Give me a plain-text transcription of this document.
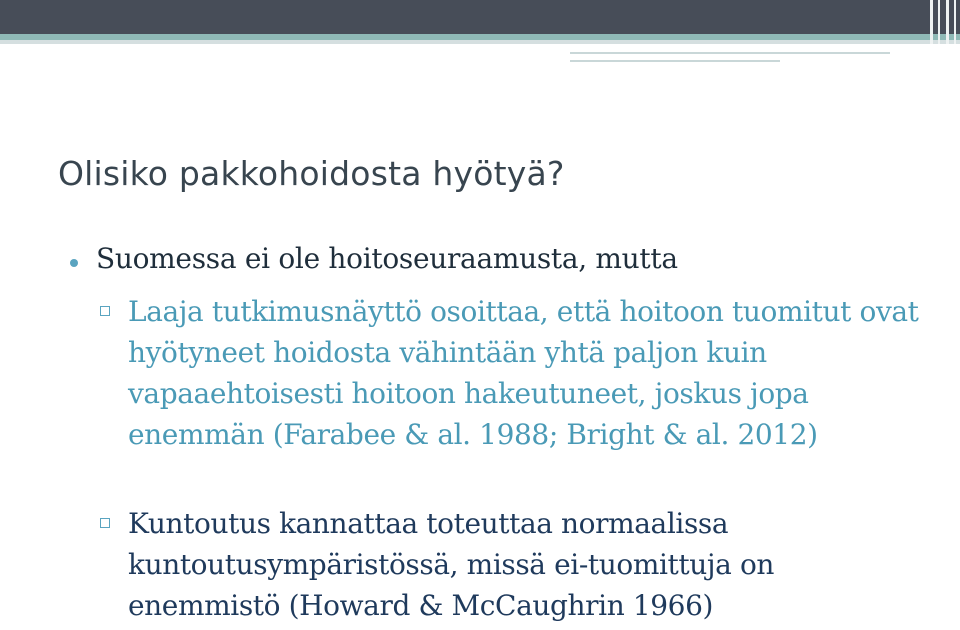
Olisiko pakkohoidosta hyötyä?
Suomessa ei ole hoitoseuraamusta, mutta
Laaja tutkimusnäyttö osoittaa, että hoitoon tuomitut ovat hyötyneet hoidosta vähintään yhtä paljon kuin vapaaehtoisesti hoitoon hakeutuneet, joskus jopa enemmän (Farabee & al. 1988; Bright & al. 2012)
Kuntoutus kannattaa toteuttaa normaalissa kuntoutusympäristössä, missä ei-tuomittuja on enemmistö (Howard & McCaughrin 1966)
